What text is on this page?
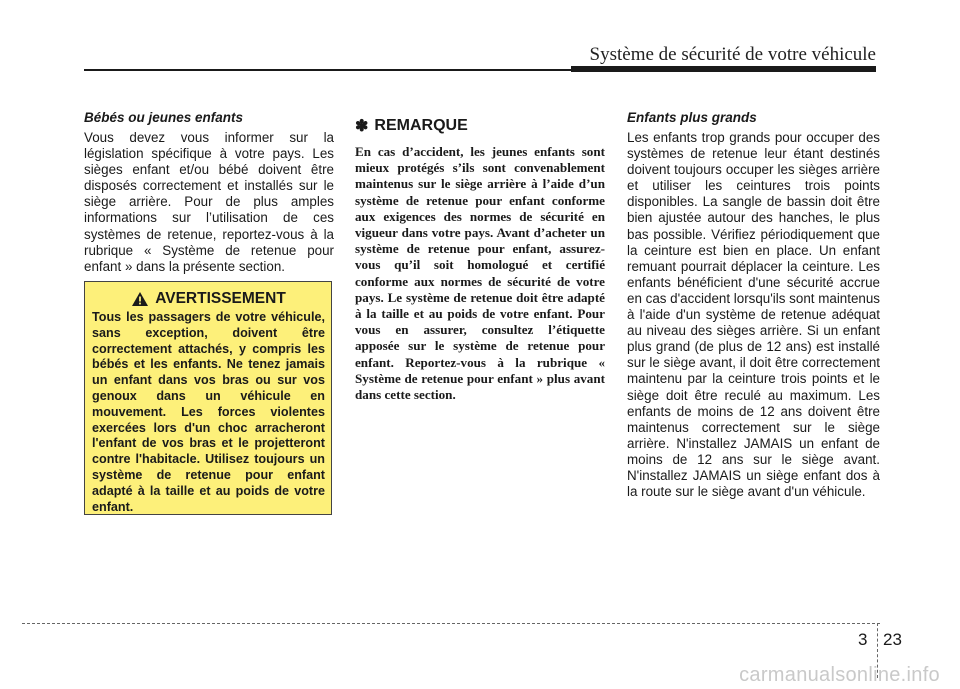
Système de sécurité de votre véhicule

Bébés ou jeunes enfants

Vous devez vous informer sur la législation spécifique à votre pays. Les sièges enfant et/ou bébé doivent être disposés correctement et installés sur le siège arrière. Pour de plus amples informations sur l’utilisation de ces systèmes de retenue, reportez-vous à la rubrique « Système de retenue pour enfant » dans la présente section.

AVERTISSEMENT

Tous les passagers de votre véhicule, sans exception, doivent être correctement attachés, y compris les bébés et les enfants. Ne tenez jamais un enfant dans vos bras ou sur vos genoux dans un véhicule en mouvement. Les forces violentes exercées lors d'un choc arracheront l'enfant de vos bras et le projetteront contre l'habitacle. Utilisez toujours un système de retenue pour enfant adapté à la taille et au poids de votre enfant.

✽ REMARQUE

En cas d’accident, les jeunes enfants sont mieux protégés s’ils sont convenablement maintenus sur le siège arrière à l’aide d’un système de retenue pour enfant conforme aux exigences des normes de sécurité en vigueur dans votre pays. Avant d’acheter un système de retenue pour enfant, assurez-vous qu’il soit homologué et certifié conforme aux normes de sécurité de votre pays. Le système de retenue doit être adapté à la taille et au poids de votre enfant. Pour vous en assurer, consultez l’étiquette apposée sur le système de retenue pour enfant. Reportez-vous à la rubrique « Système de retenue pour enfant » plus avant dans cette section.

Enfants plus grands

Les enfants trop grands pour occuper des systèmes de retenue leur étant destinés doivent toujours occuper les sièges arrière et utiliser les ceintures trois points disponibles. La sangle de bassin doit être bien ajustée autour des hanches, le plus bas possible. Vérifiez périodiquement que la ceinture est bien en place. Un enfant remuant pourrait déplacer la ceinture. Les enfants bénéficient d'une sécurité accrue en cas d'accident lorsqu'ils sont maintenus à l'aide d'un système de retenue adéquat au niveau des sièges arrière. Si un enfant plus grand (de plus de 12 ans) est installé sur le siège avant, il doit être correctement maintenu par la ceinture trois points et le siège doit être reculé au maximum. Les enfants de moins de 12 ans doivent être maintenus correctement sur le siège arrière. N'installez JAMAIS un enfant de moins de 12 ans sur le siège avant. N'installez JAMAIS un siège enfant dos à la route sur le siège avant d'un véhicule.

3 23
carmanualsonline.info
